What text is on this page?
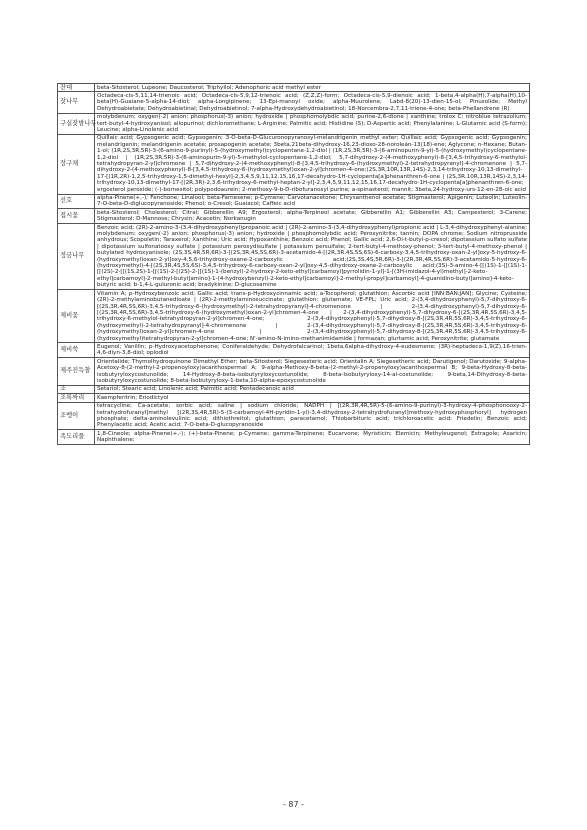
잔대	beta-Sitosterol; Lupeone; Daucosterol; Triphyllol; Adenophoric acid methyl ester
잣나무	Octadeca-cis-5,11,14-trienoic acid; Octadeca-cis-5,9,12-trienoic acid; (Z,Z,Z)-form; Octadeca-cis-5,9-dienoic acid; 1-beta,4-alpha(H),7-alpha(H),10-beta(H)-Guaiane-5-alpha-14-diol; alpha-Longipinene; 13-Epi-manoyl oxide; alpha-Muurolene; Labd-8(20)-13-dien-15-ol; Pinusolide; Methyl Dehydroabietate; Dehydroabietinal; Dehydroabietinol; 7-alpha-Hydroxydehydroabietinol; 18-Norcembra-2,7,11-triene-4-one; beta-Phellandrene (R)
구실잣밤나무	molybdenum; oxygen(-2) anion; phosphorus(-3) anion; hydroxide | phosphomolybdic acid; purine-2,6-dione | xanthine; trolox C; nitroblue tetrazolium; tert-butyl-4-hydroxyanisol; allopurinol; dichloromethane; L-Arginine; Palmitic acid; Histidine (S); D-Aspartic acid; Phenylalanine; L-Glutamic acid (S-form); Leucine; alpha-Linolenic acid
장구채	Quillaic acid; Gypsogenic acid; Gypsogenin; 3-O-beta-D-Glucuronopyranosyl-melandrigenin methyl ester; Quillaic acid; Gypsogenic acid; Gypsogenin; melandrigenin; melandrigenin acetate; prosapogenin acetate; 3beta,21beta-dihydroxy-16,23-dioxo-28-noroleán-13(18)-ene; Aglycone; n-Hexane; Butan-1-ol; (1R,2S,3R,5R)-3-(6-amino-9-purinyl)-5-(hydroxymethyl)cyclopentane-1,2-diol | (1R,2S,3R,5R)-3-(6-aminopurin-9-yl)-5-(hydroxymethyl)cyclopentane-1,2-diol | (1R,2S,3R,5R)-3-(6-aminopurin-9-yl)-5-methylol-cyclopentane-1,2-diol; 5,7-dihydroxy-2-(4-methoxyphenyl)-8-[3,4,5-trihydroxy-6-methylol-tetrahydropyran-2-yl]chromone | 5,7-dihydroxy-2-(4-methoxyphenyl)-8-[3,4,5-trihydroxy-6-(hydroxymethyl)-2-tetrahydropyranyl]-4-chromenone | 5,7-dihydroxy-2-(4-methoxyphenyl)-8-[3,4,5-trihydroxy-6-(hydroxymethyl)oxan-2-yl]chromen-4-one;(2S,3R,10R,13R,14S)-2,3,14-trihydroxy-10,13-dimethyl-17-[(1R,2R)-1,2,5-trihydroxy-1,5-dimethyl-hexyl]-2,3,4,5,9,11,12,15,16,17-decahydro-1H-cyclopenta[a]phenanthren-6-one | (2S,3R,10R,13R,14S)-2,3,14-trihydroxy-10,13-dimethyl-17-[(2R,3R)-2,3,6-trihydroxy-6-methyl-heptan-2-yl]-2,3,4,5,9,11,12,15,16,17-decahydro-1H-cyclopenta[a]phenanthren-6-one; ergosterol peroxide; (-)-bornesitol; polypodoaurein; 2-methoxy-9-b-D-ribofuranosyl purine; a-spinasterol; mannit; 3beta,24-hydroxy-urs-12-en-28-oic acid
선호	alpha-Pinene(+,-); Fenchone; Linalool; beta-Farnesene; p-Cymene; Carvotanacetone; Chrysanthenol acetate; Stigmasterol; Apigenin; Luteolin; Luteolin-7-O-beta-D-diglucopyranoside; Phenol; o-Cresol; Guaiacol; Caffeic acid
접시꽃	beta-Sitosterol; Cholesterol; Citral; Gibberellin A9; Ergosterol; alpha-Terpineol acetate; Gibberellin A1; Gibberellin A3; Campesterol; 3-Carene; Stigmasterol; D-Mannose; Chrysin; Acacetin; Norkanugin
정금나무	Benzoic acid; (2R)-2-amino-3-(3,4-dihydroxyphenyl)propanoic acid | (2R)-2-amino-3-(3,4-dihydroxyphenyl)propionic acid | L-3,4-dihydroxyphenyl-alanine; molybdenum; oxygen(-2) anion; phosphorus(-3) anion; hydroxide | phosphomolybdic acid; Peroxynitrite; tannin; DOPA chrome; Sodium nitroprusside anhydrous; Scopoletin; Taraxerol; Xanthine; Uric acid; Hypoxanthine; Benzoic acid; Phenol; Gallic acid; 2,6-Di-t-butyl-p-cresol; dipotassium sulfato sulfate | dipotassium sulfonatooxy sulfate | potassium peroxydisulfate | potassium persulfate; 2-tert-butyl-4-methoxy-phenol; 3-tert-butyl-4-methoxy-phenol | butylated hydroxyanisole; (2S,3S,4R,5R,6R)-3-[(2S,3R,4S,5S,6R)-3-acetamido-4-[(2R,3R,4S,5S,6S)-6-carboxy-3,4,5-trihydroxy-oxan-2-yl]oxy-5-hydroxy-6-(hydroxymethyl)oxan-2-yl]oxy-4,5,6-trihydroxy-oxane-2-carboxylic acid;(2S,3S,4S,5R,6R)-3-[(2R,3R,4R,5S,6R)-3-acetamido-5-hydroxy-6-(hydroxymethyl)-4-[(2S,3R,4S,5S,6S)-3,4,5-trihydroxy-6-carboxy-oxan-2-yl]oxy-4,5-dihydroxy-oxane-2-carboxylic acid;(3S)-3-amino-4-[[(1S)-1-[[(1S)-1-[[(2S)-2-[[(1S,2S)-1-[[(1S)-2-[(2S)-2-[[(1S)-1-(benzyl)-2-hydroxy-2-keto-ethyl]carbamoyl]pyrrolidin-1-yl]-1-[(3H-imidazol-4-yl)methyl]-2-keto-ethyl]carbamoyl]-2-methyl-butyl]amino]-1-(4-hydroxybenzyl)-2-keto-ethyl]carbamoyl]-2-methyl-propyl]carbamoyl]-4-guanidino-butyl]amino]-4-keto-butyric acid; b-1,4-L-guluronic acid; bradykinine; D-glucosamine
제비꽃	Vitamin A; p-Hydroxybenzoic acid; Gallic acid; trans-p-Hydroxycinnamic acid; a-Tocopherol; glutathion; Ascorbic acid [INN:BAN:JAN]; Glycine; Cysteine; (2R)-2-methylaminobutanedioate | (2R)-2-methylaminosuccinate; glutathion; glutamate; VE-FPL; Uric acid; 2-(3,4-dihydroxyphenyl)-5,7-dihydroxy-6-[(2S,3R,4R,5S,6R)-3,4,5-trihydroxy-6-(hydroxymethyl)-2-tetrahydropyranyl]-4-chromenone | 2-(3,4-dihydroxyphenyl)-5,7-dihydroxy-6-[(2S,3R,4R,5S,6R)-3,4,5-trihydroxy-6-(hydroxymethyl)oxan-2-yl]chromen-4-one | 2-(3,4-dihydroxyphenyl)-5,7-dihydroxy-6-[(2S,3R,4R,5S,6R)-3,4,5-trihydroxy-6-methylol-tetrahydropyran-2-yl]chromen-4-one; 2-(3,4-dihydroxyphenyl)-5,7-dihydroxy-8-[(2S,3R,4R,5S,6R)-3,4,5-trihydroxy-6-(hydroxymethyl)-2-tetrahydropyranyl]-4-chromenone | 2-(3,4-dihydroxyphenyl)-5,7-dihydroxy-8-[(2S,3R,4R,5S,6R)-3,4,5-trihydroxy-6-(hydroxymethyl)oxan-2-yl]chromen-4-one | 2-(3,4-dihydroxyphenyl)-5,7-dihydroxy-8-[(2S,3R,4R,5S,6R)-3,4,5-trihydroxy-6-(hydroxymethyl)tetrahydropyran-2-yl]chromen-4-one; N'-amino-N-imino-methanimidamide | formazan; glurtamic acid; Peroxynitrite; glutamate
제비쑥	Eugenol; Vanillin; p-Hydroxyacetophenone; Coniferaldehyde; Dehydrofalcarinol; 1beta,6alpha-dihydroxy-4-eudesmene; (3R)-heptadeca-1,9(Z),16-trien-4,6-diyn-3,8-diol; oplodiol
제주진득찰	Orientalide; Thymolhydroquinone Dimethyl Ether; beta-Sitosterol; Siegesesteric acid; Orientalin A; Siegesetheric acid; Darutigenol; Darutoside; 9-alpha-Acetoxy-8-(2-methyl-2-propenoyloxy)acanthospermal A; 9-alpha-Methoxy-8-beta-(2-methyl-2-propenyloxy)acanthospermal B; 9-beta-Hydroxy-8-beta-isobutyryloxycostunolide; 14-Hydroxy-8-beta-isobutyryloxycostunolide; 8-beta-Isobutyryloxy-14-al-costunolide; 9-beta,14-Dihydroxy-8-beta-isobutyryloxycostunolide; 8-beta-Isobutyryloxy-1-beta,10-alpha-epoxycostunolide
조	Setariol; Stearic acid; Linolenic acid; Palmitic acid; Pentadecanoic acid
조록싸리	Kaempferitrin; Eriodictyol
조뱅이	tetracycline; Ca-acetate; sorbic acid; saline | sodium chloride; NADPH | [(2R,3R,4R,5R)-5-(6-amino-9-purinyl)-3-hydroxy-4-phosphonooxy-2-tetrahydrofuranyl]methyl [(2R,3S,4R,5R)-5-(3-carbamoyl-4H-pyridin-1-yl)-3,4-dihydroxy-2-tetrahydrofuranyl]methoxy-hydroxyphosphoryl] hydrogen phosphate; delta-aminolevulinic acid; dithiothreitol; glutathion; paracetamol; Thiobarbituric acid; trichloroacetic acid; Friedelin; Benzoic acid; Phenylacetic acid; Acetic acid; 7-O-beta-D-glucopyranoside
족도리풀	1,8-Cineole; alpha-Pinene(+,-); (+)-beta-Pinene; p-Cymene; gamma-Terpinene; Eucarvone; Myristicin; Elemicin; Methyleugenol; Estragole; Asaricin; Naphthalene;
- 87 -
